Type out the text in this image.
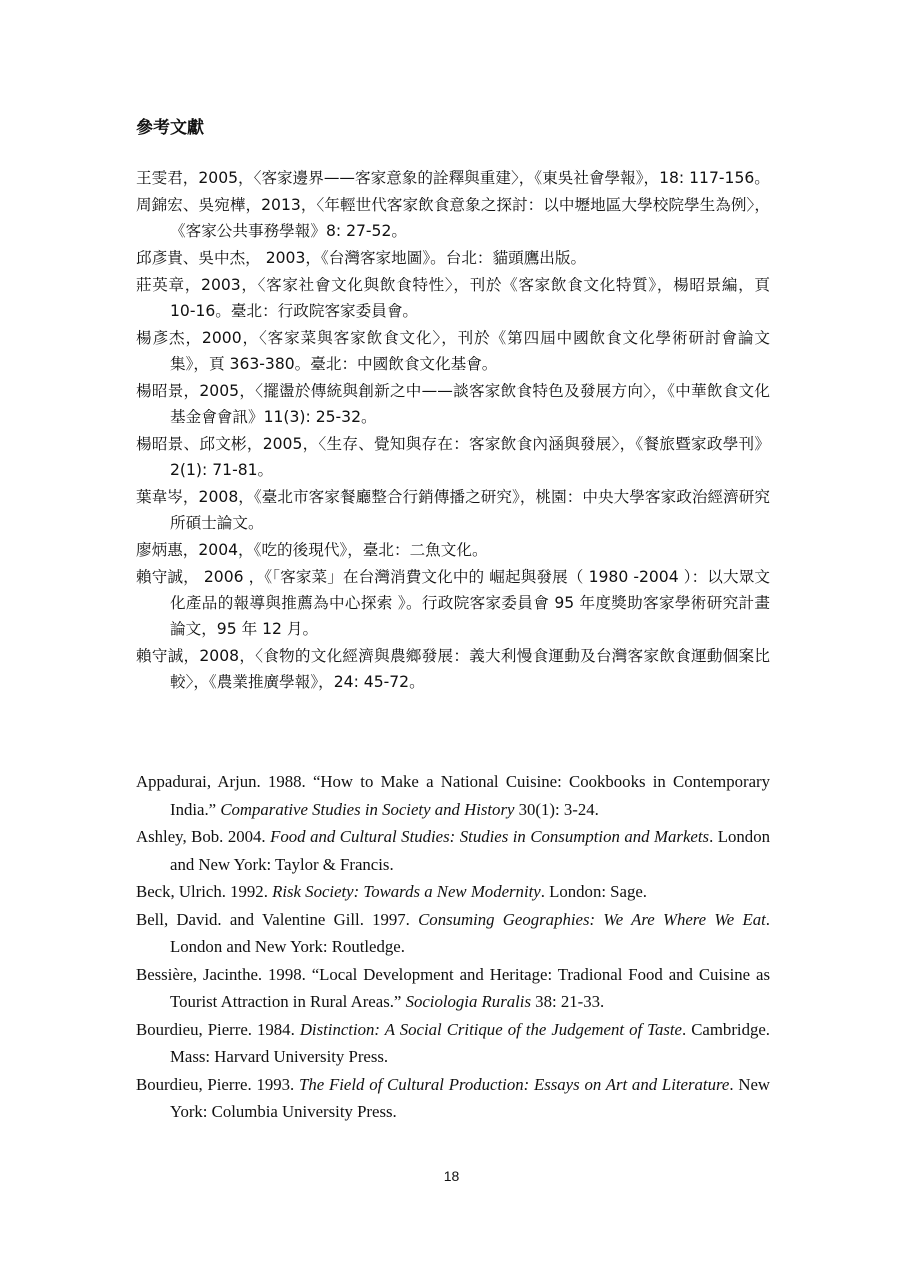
參考文獻

王雯君，2005，〈客家邊界——客家意象的詮釋與重建〉，《東吳社會學報》，18: 117-156。

周錦宏、吳宛樺，2013，〈年輕世代客家飲食意象之探討：以中壢地區大學校院學生為例〉，《客家公共事務學報》8: 27-52。

邱彥貴、吳中杰， 2003，《台灣客家地圖》。台北：貓頭鷹出版。

莊英章，2003，〈客家社會文化與飲食特性〉，刊於《客家飲食文化特質》，楊昭景編，頁 10-16。臺北：行政院客家委員會。

楊彥杰，2000，〈客家菜與客家飲食文化〉，刊於《第四屆中國飲食文化學術研討會論文集》，頁 363-380。臺北：中國飲食文化基會。

楊昭景，2005，〈擺盪於傳統與創新之中——談客家飲食特色及發展方向〉，《中華飲食文化基金會會訊》11(3): 25-32。

楊昭景、邱文彬，2005，〈生存、覺知與存在：客家飲食內涵與發展〉，《餐旅暨家政學刊》 2(1): 71-81。

葉韋岑，2008，《臺北市客家餐廳整合行銷傳播之研究》，桃園：中央大學客家政治經濟研究所碩士論文。

廖炳惠，2004，《吃的後現代》，臺北：二魚文化。

賴守誠， 2006 ，《「客家菜」在台灣消費文化中的 崛起與發展（ 1980 -2004 ）：以大眾文化產品的報導與推薦為中心探索 》。行政院客家委員會 95 年度獎助客家學術研究計畫論文，95 年 12 月。

賴守誠，2008，〈食物的文化經濟與農鄉發展：義大利慢食運動及台灣客家飲食運動個案比較〉，《農業推廣學報》，24: 45-72。

Appadurai, Arjun. 1988. “How to Make a National Cuisine: Cookbooks in Contemporary India.” Comparative Studies in Society and History 30(1): 3-24.

Ashley, Bob. 2004. Food and Cultural Studies: Studies in Consumption and Markets. London and New York: Taylor & Francis.

Beck, Ulrich. 1992. Risk Society: Towards a New Modernity. London: Sage.

Bell, David. and Valentine Gill. 1997. Consuming Geographies: We Are Where We Eat. London and New York: Routledge.

Bessière, Jacinthe. 1998. “Local Development and Heritage: Tradional Food and Cuisine as Tourist Attraction in Rural Areas.” Sociologia Ruralis 38: 21-33.

Bourdieu, Pierre. 1984. Distinction: A Social Critique of the Judgement of Taste. Cambridge. Mass: Harvard University Press.

Bourdieu, Pierre. 1993. The Field of Cultural Production: Essays on Art and Literature. New York: Columbia University Press.

18
